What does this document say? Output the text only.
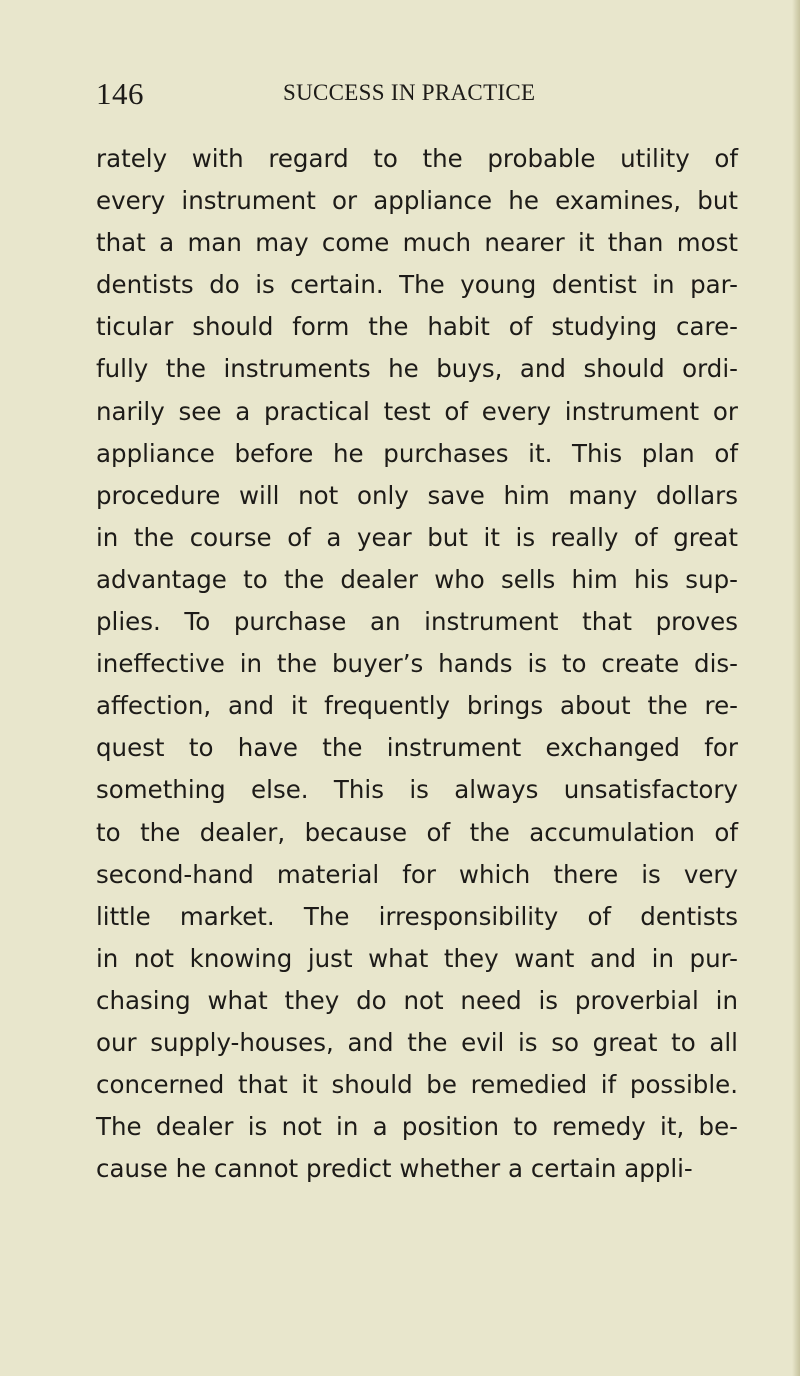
146	SUCCESS IN PRACTICE
rately with regard to the probable utility of
every instrument or appliance he examines, but
that a man may come much nearer it than most
dentists do is certain. The young dentist in par-
ticular should form the habit of studying care-
fully the instruments he buys, and should ordi-
narily see a practical test of every instrument or
appliance before he purchases it. This plan of
procedure will not only save him many dollars
in the course of a year but it is really of great
advantage to the dealer who sells him his sup-
plies. To purchase an instrument that proves
ineffective in the buyer’s hands is to create dis-
affection, and it frequently brings about the re-
quest to have the instrument exchanged for
something else. This is always unsatisfactory
to the dealer, because of the accumulation of
second-hand material for which there is very
little market. The irresponsibility of dentists
in not knowing just what they want and in pur-
chasing what they do not need is proverbial in
our supply-houses, and the evil is so great to all
concerned that it should be remedied if possible.
The dealer is not in a position to remedy it, be-
cause he cannot predict whether a certain appli-
